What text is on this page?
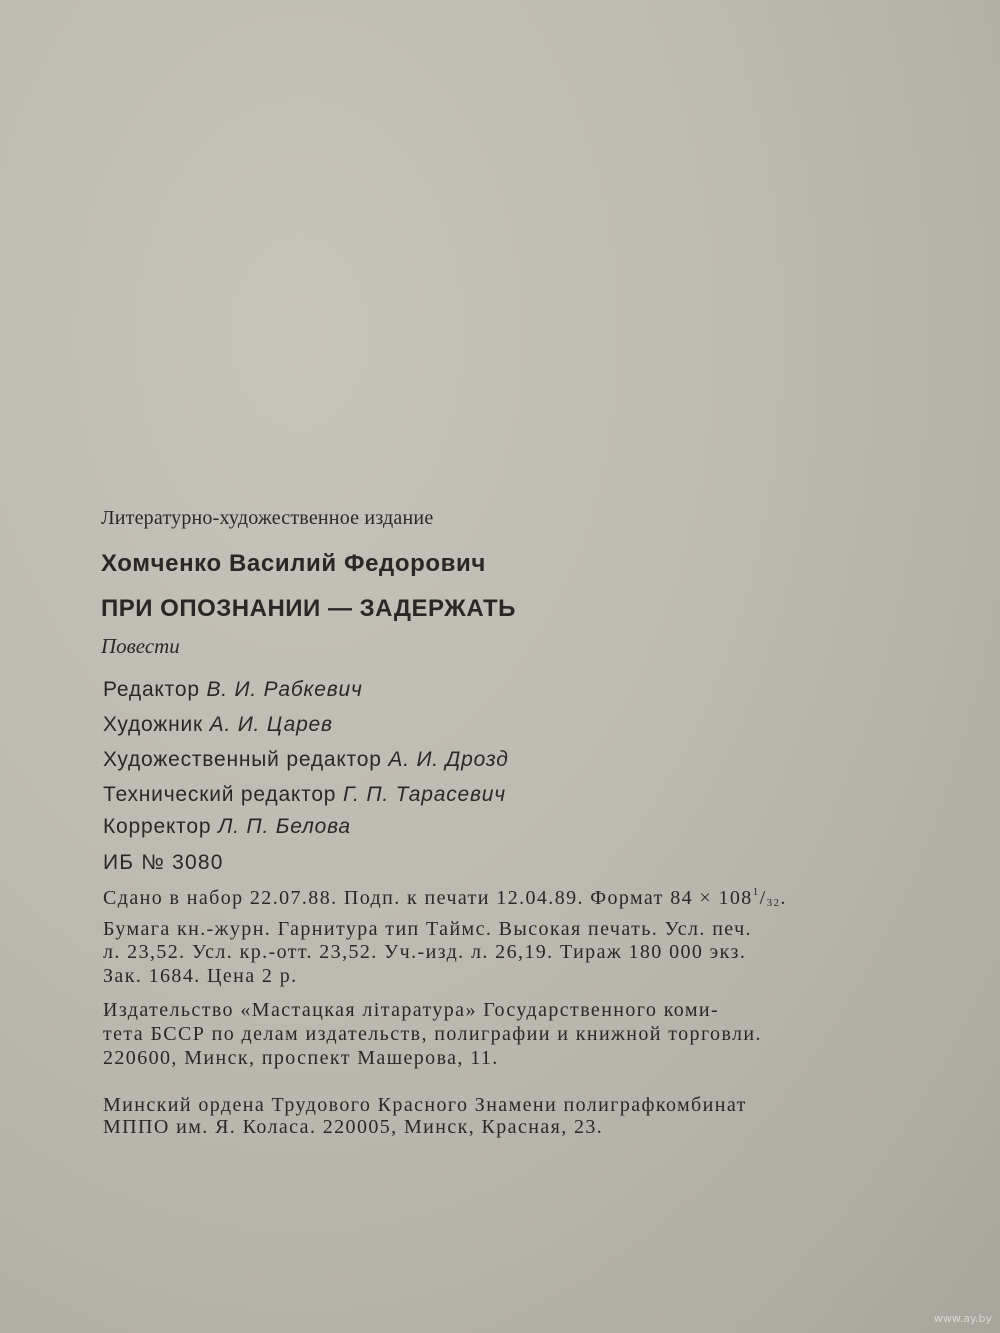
Литературно-художественное издание

Хомченко Василий Федорович

ПРИ ОПОЗНАНИИ — ЗАДЕРЖАТЬ

Повести

Редактор В. И. Рабкевич

Художник А. И. Царев

Художественный редактор А. И. Дрозд

Технический редактор Г. П. Тарасевич

Корректор Л. П. Белова

ИБ № 3080

Сдано в набор 22.07.88. Подп. к печати 12.04.89. Формат $84 \times 108^1/_{32}$.

Бумага кн.-журн. Гарнитура тип Таймс. Высокая печать. Усл. печ.

л. 23,52. Усл. кр.-отт. 23,52. Уч.-изд. л. 26,19. Тираж 180 000 экз.

Зак. 1684. Цена 2 р.

Издательство «Мастацкая літаратура» Государственного коми-

тета БССР по делам издательств, полиграфии и книжной торговли.

220600, Минск, проспект Машерова, 11.

Минский ордена Трудового Красного Знамени полиграфкомбинат

МППО им. Я. Коласа. 220005, Минск, Красная, 23.

www.ay.by
